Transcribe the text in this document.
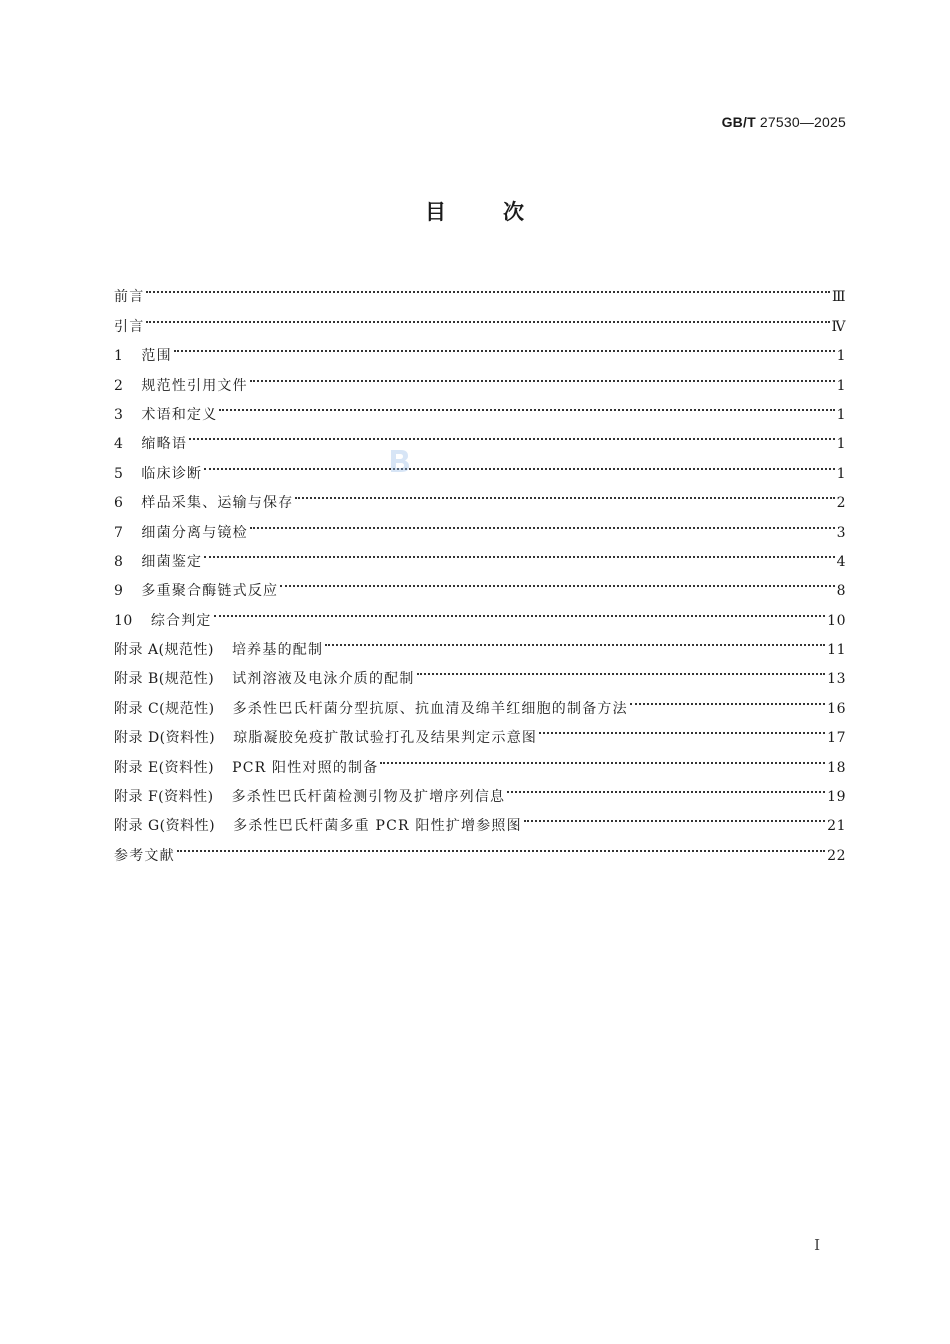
GB/T 27530—2025
目	次
前言	Ⅲ
引言	Ⅳ
1 范围	1
2 规范性引用文件	1
3 术语和定义	1
4 缩略语	1
5 临床诊断	1
6 样品采集、运输与保存	2
7 细菌分离与镜检	3
8 细菌鉴定	4
9 多重聚合酶链式反应	8
10 综合判定	10
附录 A(规范性) 培养基的配制	11
附录 B(规范性) 试剂溶液及电泳介质的配制	13
附录 C(规范性) 多杀性巴氏杆菌分型抗原、抗血清及绵羊红细胞的制备方法	16
附录 D(资料性) 琼脂凝胶免疫扩散试验打孔及结果判定示意图	17
附录 E(资料性) PCR 阳性对照的制备	18
附录 F(资料性) 多杀性巴氏杆菌检测引物及扩增序列信息	19
附录 G(资料性) 多杀性巴氏杆菌多重 PCR 阳性扩增参照图	21
参考文献	22
I
